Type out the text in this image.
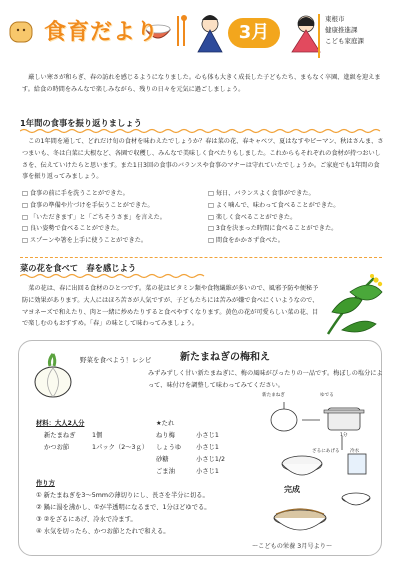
食育だより	3月
東根市
健康推進課
こども家庭課
厳しい寒さが和らぎ、春の訪れを感じるようになりました。心も体も大きく成長した子どもたち、まもなく卒園、進級を迎えます。給食の時間をみんなで楽しみながら、残りの日々を元気に過ごしましょう。
1年間の食事を振り返りましょう
この1年間を通して、どれだけ旬の食材を味わえたでしょうか？春は菜の花、春キャベツ、夏はなすやピーマン、秋はさんま、さつまいも、冬は白菜に大根など、各園で収穫し、みんなで美味しく食べたりもしました。これからもそれぞれの食材が持つおいしさを、伝えていけたらと思います。また1日3回の食事のバランスや食事のマナーは守れていたでしょうか。ご家庭でも1年間の食事を振り返ってみましょう。
□ 食事の前に手を洗うことができた。
□ 食事の準備や片づけを手伝うことができた。
□ 「いただきます」と「ごちそうさま」を言えた。
□ 良い姿勢で食べることができた。
□ スプーンや箸を上手に使うことができた。
□ 毎日、バランスよく食事ができた。
□ よく噛んで、味わって食べることができた。
□ 楽しく食べることができた。
□ 3食を決まった時間に食べることができた。
□ 間食をかかさず食べた。
菜の花を食べて　春を感じよう
菜の花は、春に出回る食材のひとつです。菜の花はビタミン類や食物繊維が多いので、風邪予防や便秘予防に効果があります。大人にはほろ苦さが人気ですが、子どもたちには苦みが嫌で食べにくいようなので、マヨネーズで和えたり、肉と一緒に炒めたりすると食べやすくなります。黄色の花が可愛らしい菜の花、目で楽しむのもおすすめ。「春」の味として味わってみましょう。
野菜を食べよう！レシピ	新たまねぎの梅和え
みずみずしく甘い新たまねぎに、梅の風味がぴったりの一品です。梅ぼしの塩分によって、味付けを調整して味わってみてください。
材料：大人2人分
新たまねぎ	1個
かつお節	1パック（2〜3ｇ）
★たれ
ねり梅	小さじ1
しょうゆ 小さじ1
砂糖	小さじ1/2
ごま油	小さじ1
作り方
① 新たまねぎを3〜5mmの薄切りにし、長さを半分に切る。
② 鍋に湯を沸かし、①が半透明になるまで、1分ほどゆでる。
③ ②をざるにあげ、冷水で冷ます。
④ 水気を切ったら、かつお節とたれで和える。
新たまねぎ	ゆでる
1分
ざるにあげる 冷水
完成
〜こどもの栄養 3月号より〜
